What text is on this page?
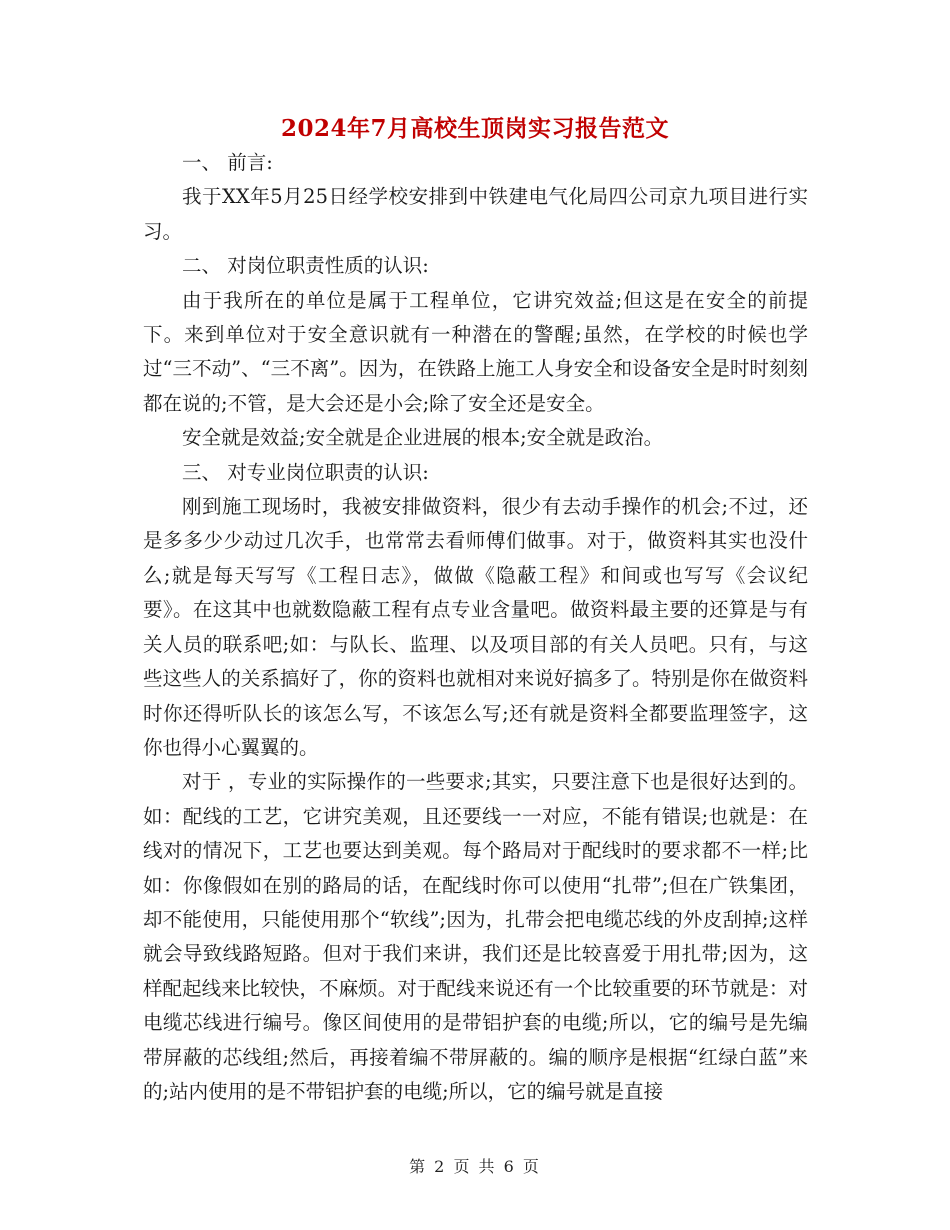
2024年7月高校生顶岗实习报告范文

一、 前言:

我于XX年5月25日经学校安排到中铁建电气化局四公司京九项目进行实习。

二、 对岗位职责性质的认识:

由于我所在的单位是属于工程单位，它讲究效益;但这是在安全的前提下。来到单位对于安全意识就有一种潜在的警醒;虽然，在学校的时候也学过“三不动”、“三不离”。因为，在铁路上施工人身安全和设备安全是时时刻刻都在说的;不管，是大会还是小会;除了安全还是安全。

安全就是效益;安全就是企业进展的根本;安全就是政治。

三、 对专业岗位职责的认识:

刚到施工现场时，我被安排做资料，很少有去动手操作的机会;不过，还是多多少少动过几次手，也常常去看师傅们做事。对于，做资料其实也没什么;就是每天写写《工程日志》，做做《隐蔽工程》和间或也写写《会议纪要》。在这其中也就数隐蔽工程有点专业含量吧。做资料最主要的还算是与有关人员的联系吧;如：与队长、监理、以及项目部的有关人员吧。只有，与这些这些人的关系搞好了，你的资料也就相对来说好搞多了。特别是你在做资料时你还得听队长的该怎么写，不该怎么写;还有就是资料全都要监理签字，这你也得小心翼翼的。

对于 ，专业的实际操作的一些要求;其实，只要注意下也是很好达到的。如：配线的工艺，它讲究美观，且还要线一一对应，不能有错误;也就是：在线对的情况下，工艺也要达到美观。每个路局对于配线时的要求都不一样;比如：你像假如在别的路局的话，在配线时你可以使用“扎带”;但在广铁集团，却不能使用，只能使用那个“软线”;因为，扎带会把电缆芯线的外皮刮掉;这样就会导致线路短路。但对于我们来讲，我们还是比较喜爱于用扎带;因为，这样配起线来比较快，不麻烦。对于配线来说还有一个比较重要的环节就是：对电缆芯线进行编号。像区间使用的是带铝护套的电缆;所以，它的编号是先编带屏蔽的芯线组;然后，再接着编不带屏蔽的。编的顺序是根据“红绿白蓝”来的;站内使用的是不带铝护套的电缆;所以，它的编号就是直接

第 2 页 共 6 页
